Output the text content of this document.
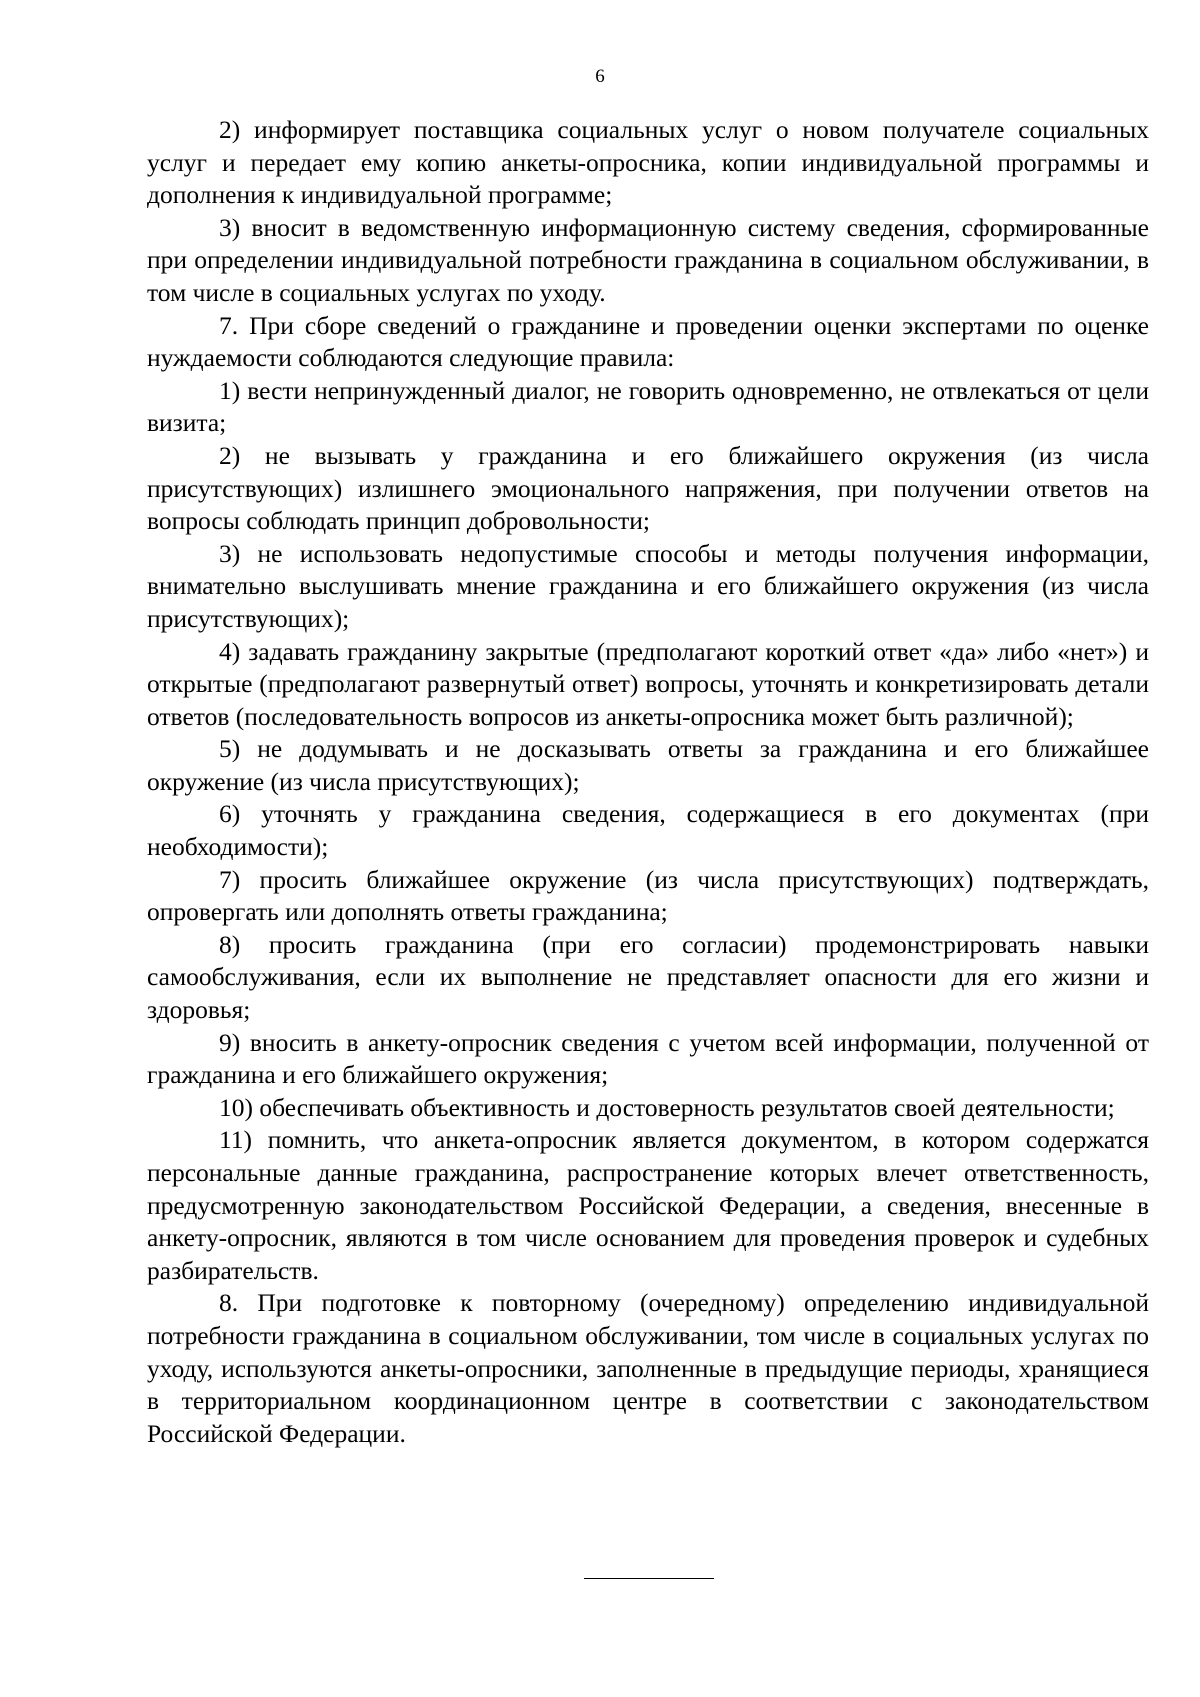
6

2) информирует поставщика социальных услуг о новом получателе социальных услуг и передает ему копию анкеты-опросника, копии индивидуальной программы и дополнения к индивидуальной программе;

3) вносит в ведомственную информационную систему сведения, сформированные при определении индивидуальной потребности гражданина в социальном обслуживании, в том числе в социальных услугах по уходу.

7. При сборе сведений о гражданине и проведении оценки экспертами по оценке нуждаемости соблюдаются следующие правила:

1) вести непринужденный диалог, не говорить одновременно, не отвлекаться от цели визита;

2) не вызывать у гражданина и его ближайшего окружения (из числа присутствующих) излишнего эмоционального напряжения, при получении ответов на вопросы соблюдать принцип добровольности;

3) не использовать недопустимые способы и методы получения информации, внимательно выслушивать мнение гражданина и его ближайшего окружения (из числа присутствующих);

4) задавать гражданину закрытые (предполагают короткий ответ «да» либо «нет») и открытые (предполагают развернутый ответ) вопросы, уточнять и конкретизировать детали ответов (последовательность вопросов из анкеты-опросника может быть различной);

5) не додумывать и не досказывать ответы за гражданина и его ближайшее окружение (из числа присутствующих);

6) уточнять у гражданина сведения, содержащиеся в его документах (при необходимости);

7) просить ближайшее окружение (из числа присутствующих) подтверждать, опровергать или дополнять ответы гражданина;

8) просить гражданина (при его согласии) продемонстрировать навыки самообслуживания, если их выполнение не представляет опасности для его жизни и здоровья;

9) вносить в анкету-опросник сведения с учетом всей информации, полученной от гражданина и его ближайшего окружения;

10) обеспечивать объективность и достоверность результатов своей деятельности;

11) помнить, что анкета-опросник является документом, в котором содержатся персональные данные гражданина, распространение которых влечет ответственность, предусмотренную законодательством Российской Федерации, а сведения, внесенные в анкету-опросник, являются в том числе основанием для проведения проверок и судебных разбирательств.

8. При подготовке к повторному (очередному) определению индивидуальной потребности гражданина в социальном обслуживании, том числе в социальных услугах по уходу, используются анкеты-опросники, заполненные в предыдущие периоды, хранящиеся в территориальном координационном центре в соответствии с законодательством Российской Федерации.
